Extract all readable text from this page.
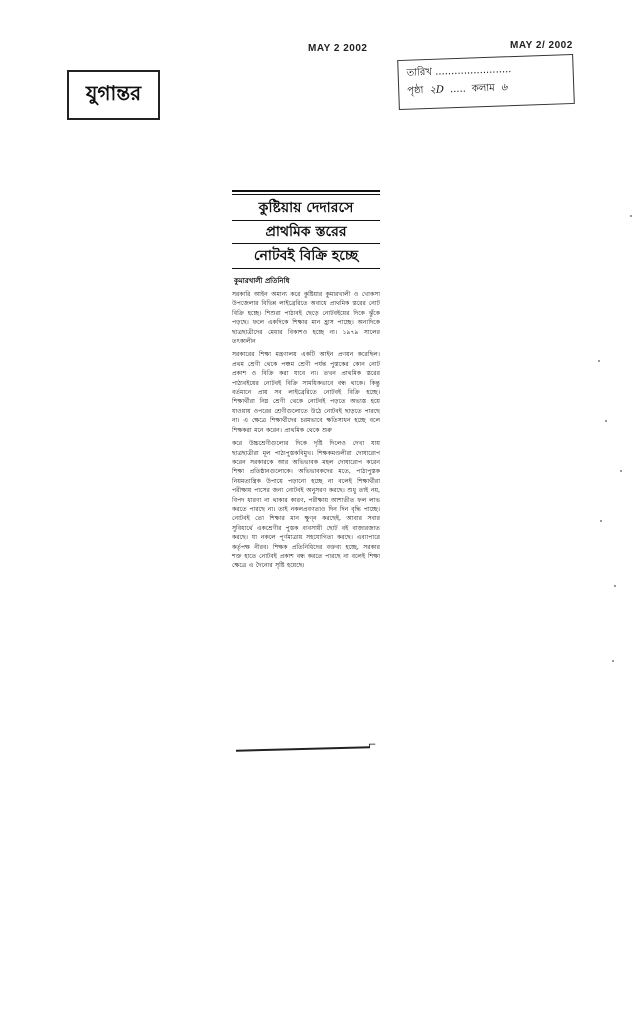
MAY 2 2002	MAY 2/ 2002
যুগান্তর
তারিখ ........................
পৃষ্ঠা ২D ..... কলাম ৬
কুষ্টিয়ায় দেদারসে
প্রাথমিক স্তরের
নোটবই বিক্রি হচ্ছে
কুমারখালী প্রতিনিধি

সরকারি আইন অমান্য করে কুষ্টিয়ার কুমারখালী ও খোকসা উপজেলার বিভিন্ন লাইব্রেরিতে অবাধে প্রাথমিক স্তরের নোট বিক্রি হচ্ছে। শিশুরা পাঠ্যবই ছেড়ে নোটবইয়ের দিকে ঝুঁকে পড়ছে। ফলে একদিকে শিক্ষার মান হ্রাস পাচ্ছে। অন্যদিকে ছাত্রছাত্রীদের মেধার বিকাশও হচ্ছে না। ১৯৭৯ সালের তৎকালীন

সরকারের শিক্ষা মন্ত্রণালয় একটি আইন প্রণয়ন করেছিল। প্রথম শ্রেণী থেকে পঞ্চম শ্রেণী পর্যন্ত পুস্তকের কোন নোট প্রকাশ ও বিক্রি করা যাবে না। তখন প্রাথমিক স্তরের পাঠ্যবইয়ের নোটবই বিক্রি সাময়িকভাবে বন্ধ থাকে। কিন্তু বর্তমানে প্রায় সব লাইব্রেরিতে নোটবই বিক্রি হচ্ছে। শিক্ষার্থীরা নিম্ন শ্রেণী থেকে নোটবই পড়তে অভ্যস্ত হয়ে যাওয়ায় ওপরের শ্রেণীগুলোতে উঠে নোটবই ছাড়তে পারছে না। এ ক্ষেত্রে শিক্ষার্থীদের চরমভাবে ক্ষতিসাধন হচ্ছে বলে শিক্ষকরা মনে করেন। প্রাথমিক থেকে শুরু

করে উচ্চশ্রেণীগুলোর দিকে দৃষ্টি দিলেও দেখা যায় ছাত্রছাত্রীরা মূল পাঠ্যপুস্তকবিমুখ। শিক্ষকমণ্ডলীরা দোষারোপ করেন সরকারকে আর অভিভাবক মহল দোষারোপ করেন শিক্ষা প্রতিষ্ঠানগুলোকে। অভিভাবকদের মতে, পাঠ্যপুস্তক নিয়মতান্ত্রিক উপায়ে পড়ানো হচ্ছে না বলেই শিক্ষার্থীরা পরীক্ষায় পাসের জন্য নোটবই অনুসরণ করছে। শুধু তাই নয়, বিপদ ধারণা না থাকার কারণ, পরীক্ষায় আশাতীত ফল লাভ করতে পারছে না। তাই নকলপ্রবণতাও দিন দিন বৃদ্ধি পাচ্ছে। নোটবই তো শিক্ষার মান ক্ষুণ্ন করছেই, আবার সবার সুবিধার্থে একশ্রেণীর পুস্তক ব্যবসায়ী ছোট বই বাজারজাত করছে। যা নকলে পূর্ণমাত্রায় সহযোগিতা করছে। এব্যাপারে কর্তৃপক্ষ নীরব। শিক্ষক প্রতিনিধিদের বক্তব্য হচ্ছে, সরকার শক্ত হাতে নোটবই প্রকাশ বন্ধ করতে পারছে না বলেই শিক্ষা ক্ষেত্রে এ দৈন্যের সৃষ্টি হয়েছে।

⌐
